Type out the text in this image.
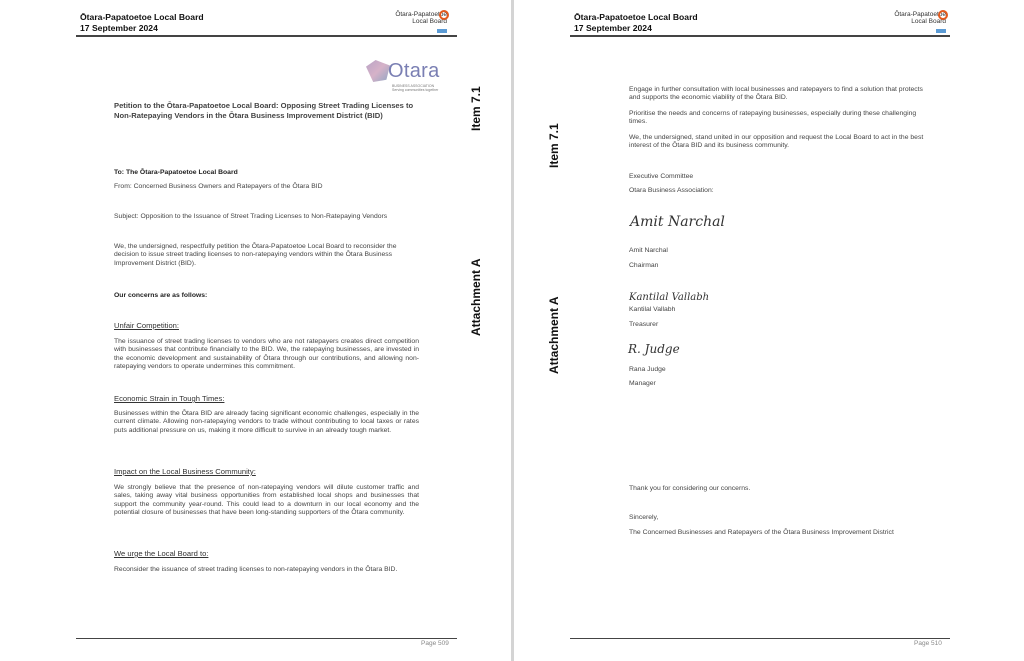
Ōtara-Papatoetoe Local Board
17 September 2024
Ōtara-Papatoetoe
Local Board
Otara
BUSINESS ASSOCIATION
Serving communities together	Item 7.1
Attachment A
Petition to the Ōtara-Papatoetoe Local Board: Opposing Street Trading Licenses to Non-Ratepaying Vendors in the Ōtara Business Improvement District (BID)
To: The Ōtara-Papatoetoe Local Board
From: Concerned Business Owners and Ratepayers of the Ōtara BID
Subject: Opposition to the Issuance of Street Trading Licenses to Non-Ratepaying Vendors
We, the undersigned, respectfully petition the Ōtara-Papatoetoe Local Board to reconsider the decision to issue street trading licenses to non-ratepaying vendors within the Ōtara Business Improvement District (BID).
Our concerns are as follows:
Unfair Competition:
The issuance of street trading licenses to vendors who are not ratepayers creates direct competition with businesses that contribute financially to the BID. We, the ratepaying businesses, are invested in the economic development and sustainability of Ōtara through our contributions, and allowing non-ratepaying vendors to operate undermines this commitment.
Economic Strain in Tough Times:
Businesses within the Ōtara BID are already facing significant economic challenges, especially in the current climate. Allowing non-ratepaying vendors to trade without contributing to local taxes or rates puts additional pressure on us, making it more difficult to survive in an already tough market.
Impact on the Local Business Community:
We strongly believe that the presence of non-ratepaying vendors will dilute customer traffic and sales, taking away vital business opportunities from established local shops and businesses that support the community year-round. This could lead to a downturn in our local economy and the potential closure of businesses that have been long-standing supporters of the Ōtara community.
We urge the Local Board to:
Reconsider the issuance of street trading licenses to non-ratepaying vendors in the Ōtara BID.
Page 509
Ōtara-Papatoetoe Local Board
17 September 2024
Ōtara-Papatoetoe
Local Board
Item 7.1
Attachment A
Engage in further consultation with local businesses and ratepayers to find a solution that protects and supports the economic viability of the Ōtara BID.
Prioritise the needs and concerns of ratepaying businesses, especially during these challenging times.
We, the undersigned, stand united in our opposition and request the Local Board to act in the best interest of the Ōtara BID and its business community.
Executive Committee
Otara Business Association:
Amit Narchal
Amit Narchal
Chairman
Kantilal Vallabh
Kantilal Vallabh
Treasurer
R. Judge
Rana Judge
Manager
Thank you for considering our concerns.
Sincerely,
The Concerned Businesses and Ratepayers of the Ōtara Business Improvement District
Page 510
